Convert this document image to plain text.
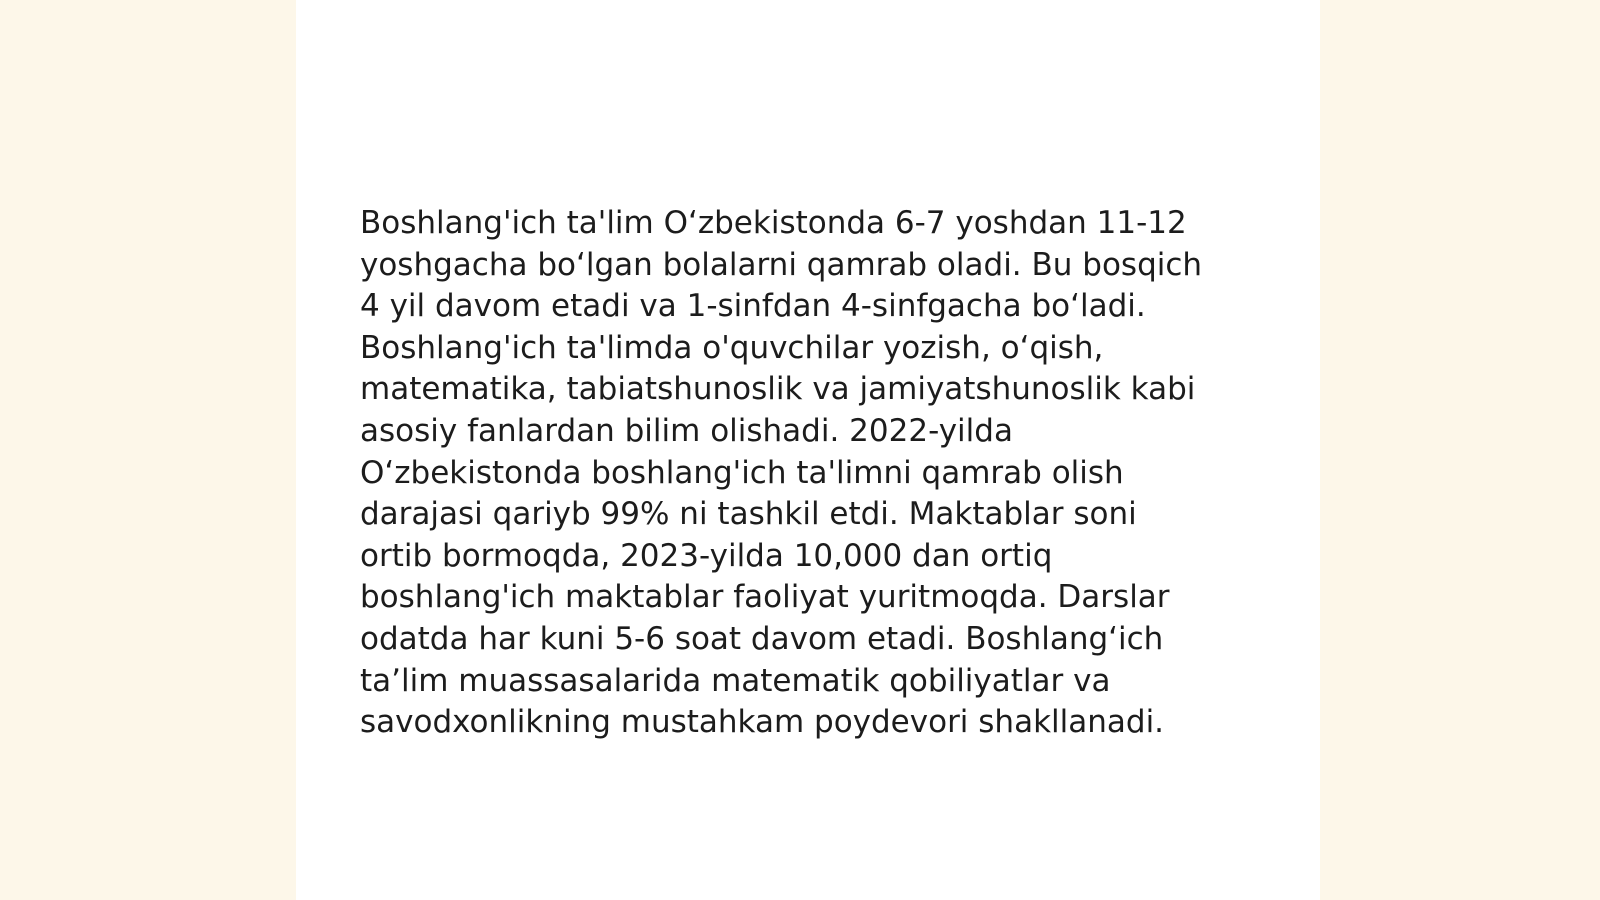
Boshlang'ich ta'lim O‘zbekistonda 6-7 yoshdan 11-12
yoshgacha bo‘lgan bolalarni qamrab oladi. Bu bosqich
4 yil davom etadi va 1-sinfdan 4-sinfgacha bo‘ladi.
Boshlang'ich ta'limda o'quvchilar yozish, o‘qish,
matematika, tabiatshunoslik va jamiyatshunoslik kabi
asosiy fanlardan bilim olishadi. 2022-yilda
O‘zbekistonda boshlang'ich ta'limni qamrab olish
darajasi qariyb 99% ni tashkil etdi. Maktablar soni
ortib bormoqda, 2023-yilda 10,000 dan ortiq
boshlang'ich maktablar faoliyat yuritmoqda. Darslar
odatda har kuni 5-6 soat davom etadi. Boshlang‘ich
ta’lim muassasalarida matematik qobiliyatlar va
savodxonlikning mustahkam poydevori shakllanadi.
